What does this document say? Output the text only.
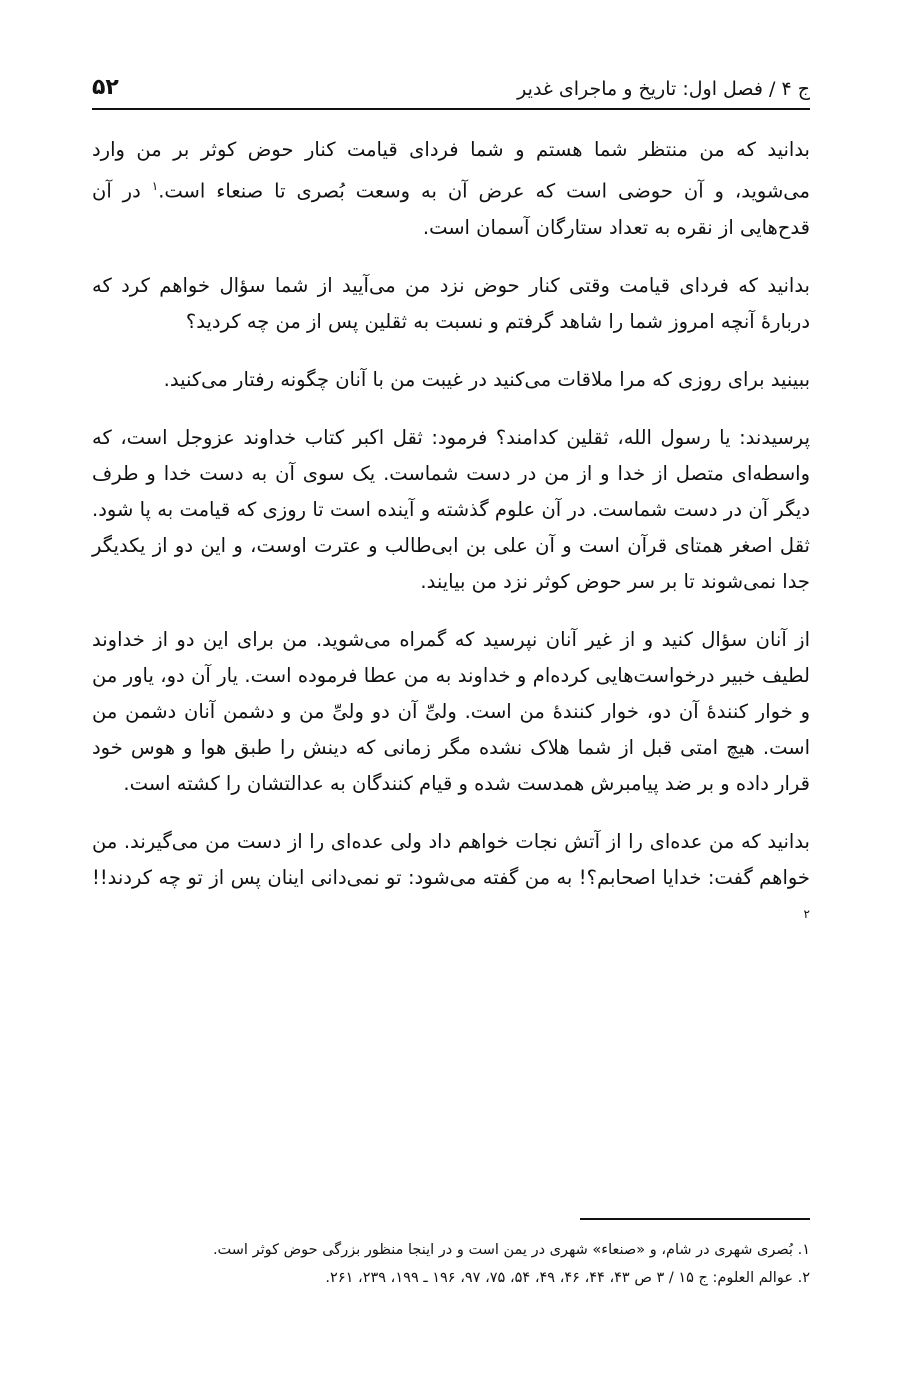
ج ۴ / فصل اول: تاریخ و ماجرای غدیر
۵۲

بدانید که من منتظر شما هستم و شما فردای قیامت کنار حوض کوثر بر من وارد می‌شوید، و آن حوضی است که عرض آن به وسعت بُصری تا صنعاء است.$^۱$ در آن قدح‌هایی از نقره به تعداد ستارگان آسمان است.

بدانید که فردای قیامت وقتی کنار حوض نزد من می‌آیید از شما سؤال خواهم کرد که دربارهٔ آنچه امروز شما را شاهد گرفتم و نسبت به ثقلین پس از من چه کردید؟

ببینید برای روزی که مرا ملاقات می‌کنید در غیبت من با آنان چگونه رفتار می‌کنید.

پرسیدند: یا رسول الله، ثقلین کدامند؟ فرمود: ثقل اکبر کتاب خداوند عزوجل است، که واسطه‌ای متصل از خدا و از من در دست شماست. یک سوی آن به دست خدا و طرف دیگر آن در دست شماست. در آن علوم گذشته و آینده است تا روزی که قیامت به پا شود. ثقل اصغر همتای قرآن است و آن علی بن ابی‌طالب و عترت اوست، و این دو از یکدیگر جدا نمی‌شوند تا بر سر حوض کوثر نزد من بیایند.

از آنان سؤال کنید و از غیر آنان نپرسید که گمراه می‌شوید. من برای این دو از خداوند لطیف خبیر درخواست‌هایی کرده‌ام و خداوند به من عطا فرموده است. یار آن دو، یاور من و خوار کنندهٔ آن دو، خوار کنندهٔ من است. ولیِّ آن دو ولیِّ من و دشمن آنان دشمن من است. هیچ امتی قبل از شما هلاک نشده مگر زمانی که دینش را طبق هوا و هوس خود قرار داده و بر ضد پیامبرش همدست شده و قیام کنندگان به عدالتشان را کشته است.

بدانید که من عده‌ای را از آتش نجات خواهم داد ولی عده‌ای را از دست من می‌گیرند. من خواهم گفت: خدایا اصحابم؟! به من گفته می‌شود: تو نمی‌دانی اینان پس از تو چه کردند!!$^۲$

۱. بُصری شهری در شام، و «صنعاء» شهری در یمن است و در اینجا منظور بزرگی حوض کوثر است.

۲. عوالم العلوم: ج ۱۵ / ۳ ص ۴۳، ۴۴، ۴۶، ۴۹، ۵۴، ۷۵، ۹۷، ۱۹۶ ـ ۱۹۹، ۲۳۹، ۲۶۱.
